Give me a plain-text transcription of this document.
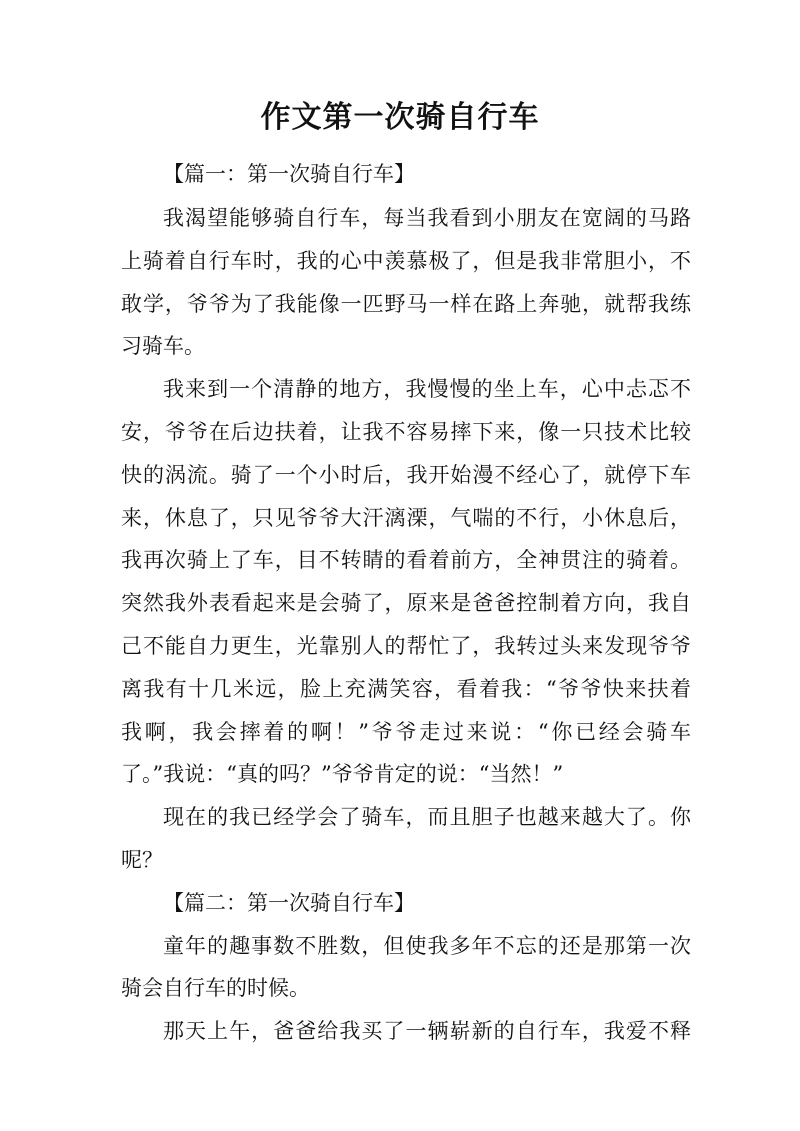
作文第一次骑自行车
【篇一：第一次骑自行车】
我渴望能够骑自行车，每当我看到小朋友在宽阔的马路
上骑着自行车时，我的心中羡慕极了，但是我非常胆小，不
敢学，爷爷为了我能像一匹野马一样在路上奔驰，就帮我练
习骑车。
我来到一个清静的地方，我慢慢的坐上车，心中忐忑不
安，爷爷在后边扶着，让我不容易摔下来，像一只技术比较
快的涡流。骑了一个小时后，我开始漫不经心了，就停下车
来，休息了，只见爷爷大汗漓溧，气喘的不行，小休息后，
我再次骑上了车，目不转睛的看着前方，全神贯注的骑着。
突然我外表看起来是会骑了，原来是爸爸控制着方向，我自
己不能自力更生，光靠别人的帮忙了，我转过头来发现爷爷
离我有十几米远，脸上充满笑容，看着我：“爷爷快来扶着
我啊，我会摔着的啊！”爷爷走过来说：“你已经会骑车
了。”我说：“真的吗？”爷爷肯定的说：“当然！”
现在的我已经学会了骑车，而且胆子也越来越大了。你
呢？
【篇二：第一次骑自行车】
童年的趣事数不胜数，但使我多年不忘的还是那第一次
骑会自行车的时候。
那天上午，爸爸给我买了一辆崭新的自行车，我爱不释
